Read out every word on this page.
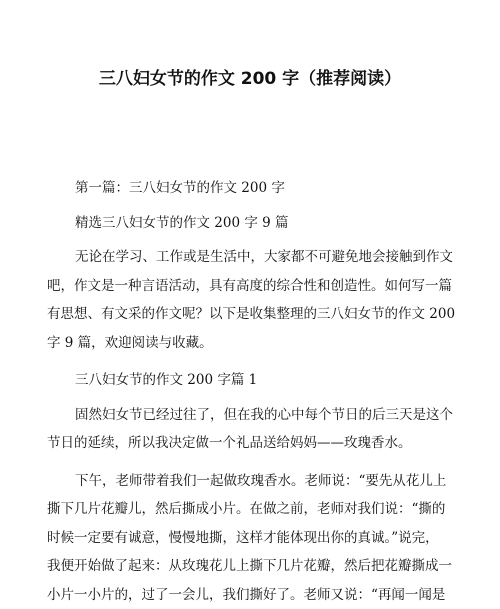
三八妇女节的作文 200 字（推荐阅读）

第一篇：三八妇女节的作文 200 字

精选三八妇女节的作文 200 字 9 篇

无论在学习、工作或是生活中，大家都不可避免地会接触到作文
吧，作文是一种言语活动，具有高度的综合性和创造性。如何写一篇
有思想、有文采的作文呢？以下是收集整理的三八妇女节的作文 200
字 9 篇，欢迎阅读与收藏。

三八妇女节的作文 200 字篇 1

固然妇女节已经过往了，但在我的心中每个节日的后三天是这个
节日的延续，所以我决定做一个礼品送给妈妈——玫瑰香水。

下午，老师带着我们一起做玫瑰香水。老师说：“要先从花儿上
撕下几片花瓣儿，然后撕成小片。在做之前，老师对我们说：“撕的
时候一定要有诚意，慢慢地撕，这样才能体现出你的真诚。”说完，
我便开始做了起来：从玫瑰花儿上撕下几片花瓣，然后把花瓣撕成一
小片一小片的，过了一会儿，我们撕好了。老师又说：“再闻一闻是
